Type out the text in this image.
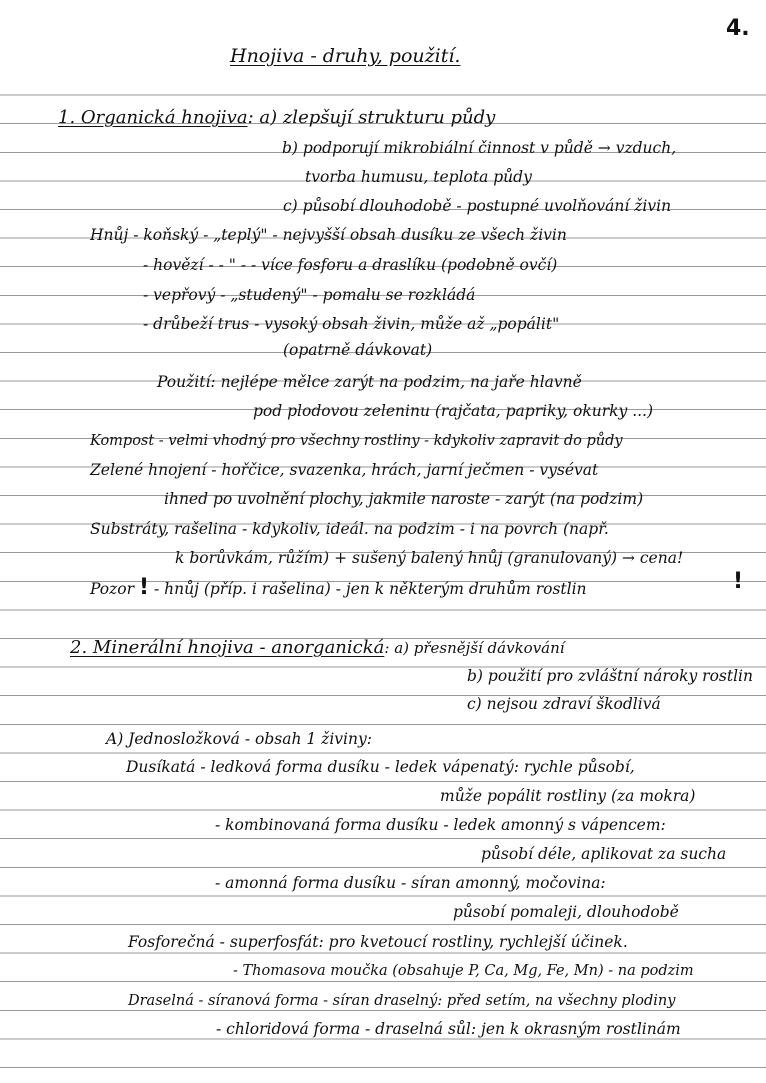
4.
Hnojiva - druhy, použití.
1. Organická hnojiva: a) zlepšují strukturu půdy
b) podporují mikrobiální činnost v půdě → vzduch,
tvorba humusu, teplota půdy
c) působí dlouhodobě - postupné uvolňování živin
Hnůj - koňský - „teplý" - nejvyšší obsah dusíku ze všech živin
- hovězí - - " - - více fosforu a draslíku (podobně ovčí)
- vepřový - „studený" - pomalu se rozkládá
- drůbeží trus - vysoký obsah živin, může až „popálit"
(opatrně dávkovat)
Použití: nejlépe mělce zarýt na podzim, na jaře hlavně
pod plodovou zeleninu (rajčata, papriky, okurky ...)
Kompost - velmi vhodný pro všechny rostliny - kdykoliv zapravit do půdy
Zelené hnojení - hořčice, svazenka, hrách, jarní ječmen - vysévat
ihned po uvolnění plochy, jakmile naroste - zarýt (na podzim)
Substráty, rašelina - kdykoliv, ideál. na podzim - i na povrch (např.
k borůvkám, růžím) + sušený balený hnůj (granulovaný) → cena!
Pozor ! - hnůj (příp. i rašelina) - jen k některým druhům rostlin	!
2. Minerální hnojiva - anorganická: a) přesnější dávkování
b) použití pro zvláštní nároky rostlin
c) nejsou zdraví škodlivá
A) Jednosložková - obsah 1 živiny:
Dusíkatá - ledková forma dusíku - ledek vápenatý: rychle působí,
může popálit rostliny (za mokra)
- kombinovaná forma dusíku - ledek amonný s vápencem:
působí déle, aplikovat za sucha
- amonná forma dusíku - síran amonný, močovina:
působí pomaleji, dlouhodobě
Fosforečná - superfosfát: pro kvetoucí rostliny, rychlejší účinek.
- Thomasova moučka (obsahuje P, Ca, Mg, Fe, Mn) - na podzim
Draselná - síranová forma - síran draselný: před setím, na všechny plodiny
- chloridová forma - draselná sůl: jen k okrasným rostlinám
